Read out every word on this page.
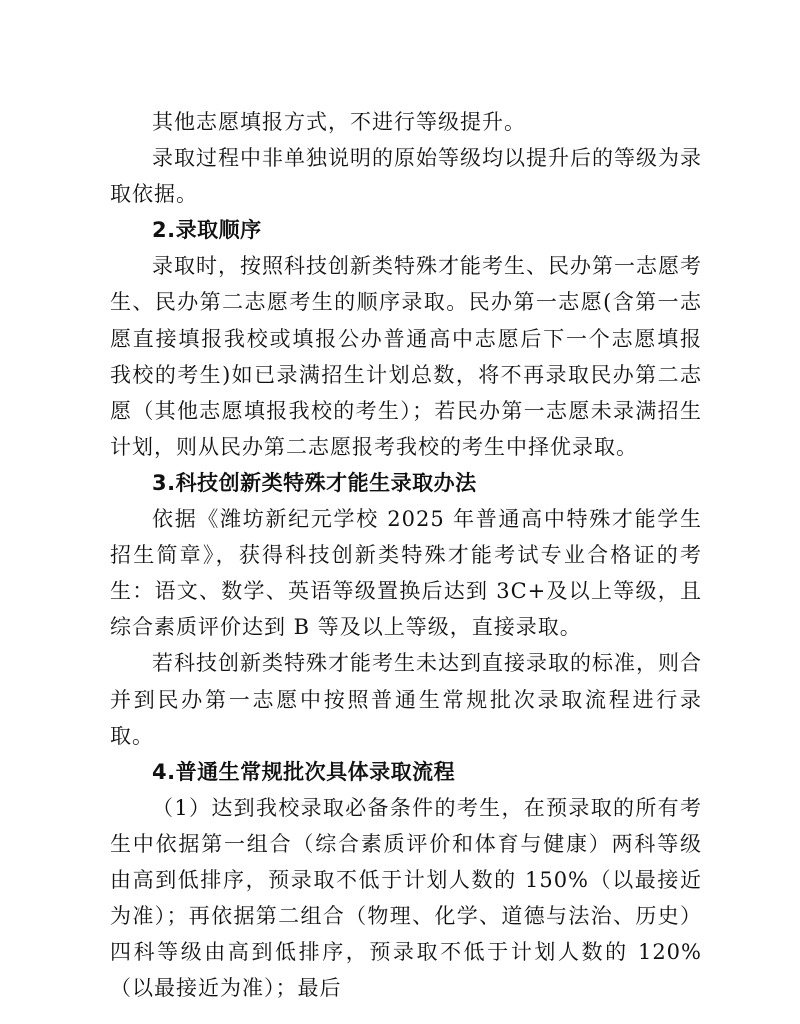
其他志愿填报方式，不进行等级提升。

录取过程中非单独说明的原始等级均以提升后的等级为录取依据。

2.录取顺序

录取时，按照科技创新类特殊才能考生、民办第一志愿考生、民办第二志愿考生的顺序录取。民办第一志愿(含第一志愿直接填报我校或填报公办普通高中志愿后下一个志愿填报我校的考生)如已录满招生计划总数，将不再录取民办第二志愿（其他志愿填报我校的考生）；若民办第一志愿未录满招生计划，则从民办第二志愿报考我校的考生中择优录取。

3.科技创新类特殊才能生录取办法

依据《潍坊新纪元学校 2025 年普通高中特殊才能学生招生简章》，获得科技创新类特殊才能考试专业合格证的考生：语文、数学、英语等级置换后达到 3C+及以上等级，且综合素质评价达到 B 等及以上等级，直接录取。

若科技创新类特殊才能考生未达到直接录取的标准，则合并到民办第一志愿中按照普通生常规批次录取流程进行录取。

4.普通生常规批次具体录取流程

（1）达到我校录取必备条件的考生，在预录取的所有考生中依据第一组合（综合素质评价和体育与健康）两科等级由高到低排序，预录取不低于计划人数的 150%（以最接近为准）；再依据第二组合（物理、化学、道德与法治、历史）四科等级由高到低排序，预录取不低于计划人数的 120%（以最接近为准）；最后
